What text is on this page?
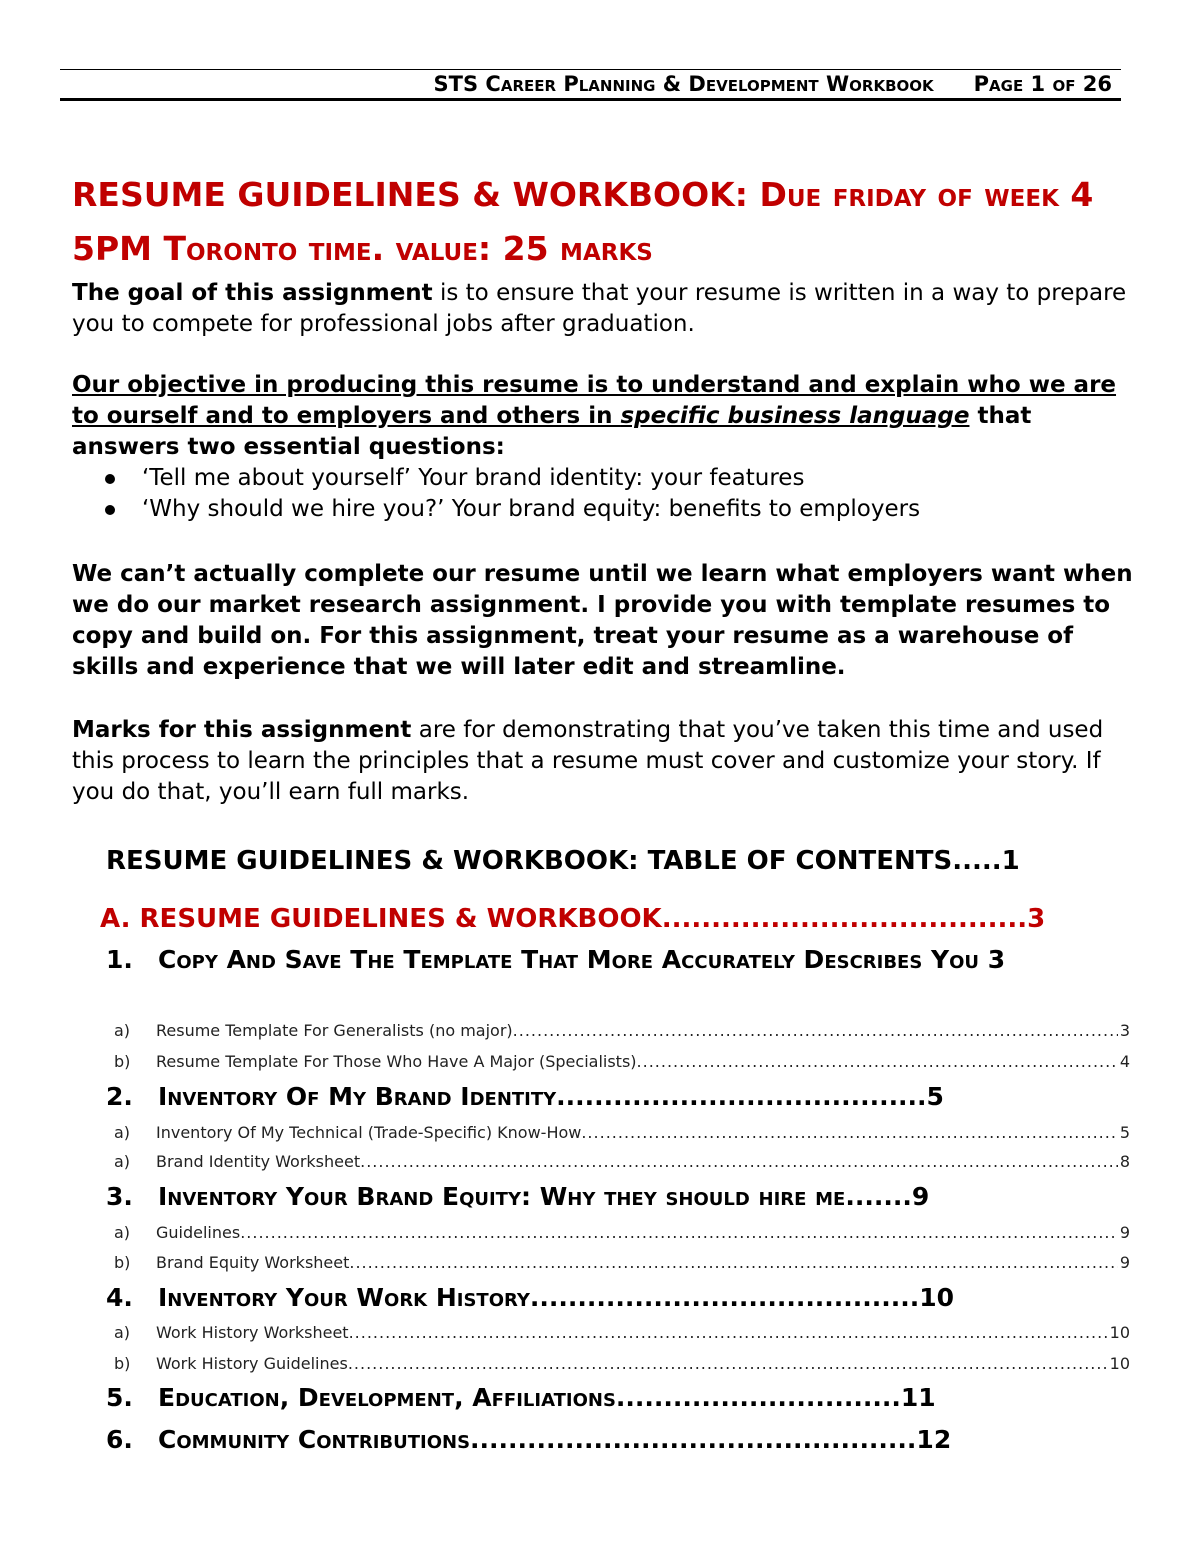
STS Career Planning & Development Workbook Page 1 of 26
RESUME GUIDELINES & WORKBOOK: Due friday of week 4 5PM Toronto time. value: 25 marks

The goal of this assignment is to ensure that your resume is written in a way to prepare you to compete for professional jobs after graduation.

Our objective in producing this resume is to understand and explain who we are to ourself and to employers and others in specific business language that answers two essential questions:

‘Tell me about yourself’ Your brand identity: your features
‘Why should we hire you?’ Your brand equity: benefits to employers

We can’t actually complete our resume until we learn what employers want when we do our market research assignment. I provide you with template resumes to copy and build on. For this assignment, treat your resume as a warehouse of skills and experience that we will later edit and streamline.

Marks for this assignment are for demonstrating that you’ve taken this time and used this process to learn the principles that a resume must cover and customize your story. If you do that, you’ll earn full marks.

RESUME GUIDELINES & WORKBOOK: TABLE OF CONTENTS.....1
A. RESUME GUIDELINES & WORKBOOK.....................................3
1. Copy And Save The Template That More Accurately Describes You 3
a)	Resume Template For Generalists (no major) .....	3
b)	Resume Template For Those Who Have A Major (Specialists) .....	4
2. Inventory Of My Brand Identity.......................................5
a)	Inventory Of My Technical (Trade-Specific) Know-How .....	5
a)	Brand Identity Worksheet .....	8
3. Inventory Your Brand Equity: Why they should hire me.......9
a)	Guidelines .....	9
b)	Brand Equity Worksheet .....	9
4. Inventory Your Work History.........................................10
a)	Work History Worksheet .....	10
b)	Work History Guidelines .....	10
5. Education, Development, Affiliations..............................11
6. Community Contributions...............................................12
